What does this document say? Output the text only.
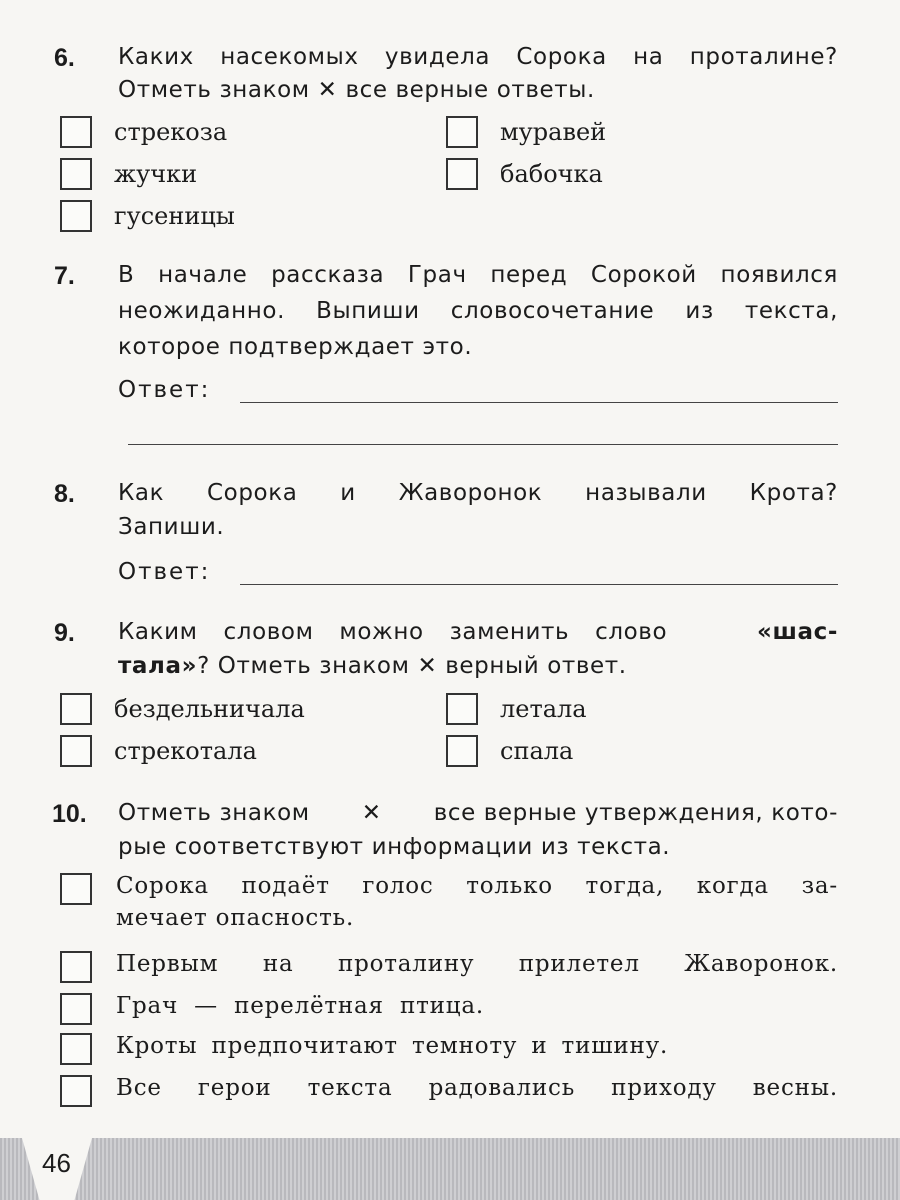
6. Каких насекомых увидела Сорока на проталине?
Отметь знаком ✕ все верные ответы.
стрекоза
жучки
гусеницы
муравей
бабочка
7. В начале рассказа Грач перед Сорокой появился
неожиданно. Выпиши словосочетание из текста,
которое подтверждает это.
Ответ:
8. Как Сорока и Жаворонок называли Крота?
Запиши.
Ответ:
9. Каким словом можно заменить слово	«шас-
тала»? Отметь знаком ✕ верный ответ.
бездельничала
стрекотала
летала
спала
10. Отметь знаком ✕ все верные утверждения, кото-
рые соответствуют информации из текста.
Сорока подаёт голос только тогда, когда за-
мечает опасность.
Первым на проталину прилетел Жаворонок.
Грач — перелётная птица.
Кроты предпочитают темноту и тишину.
Все герои текста радовались приходу весны.
46
